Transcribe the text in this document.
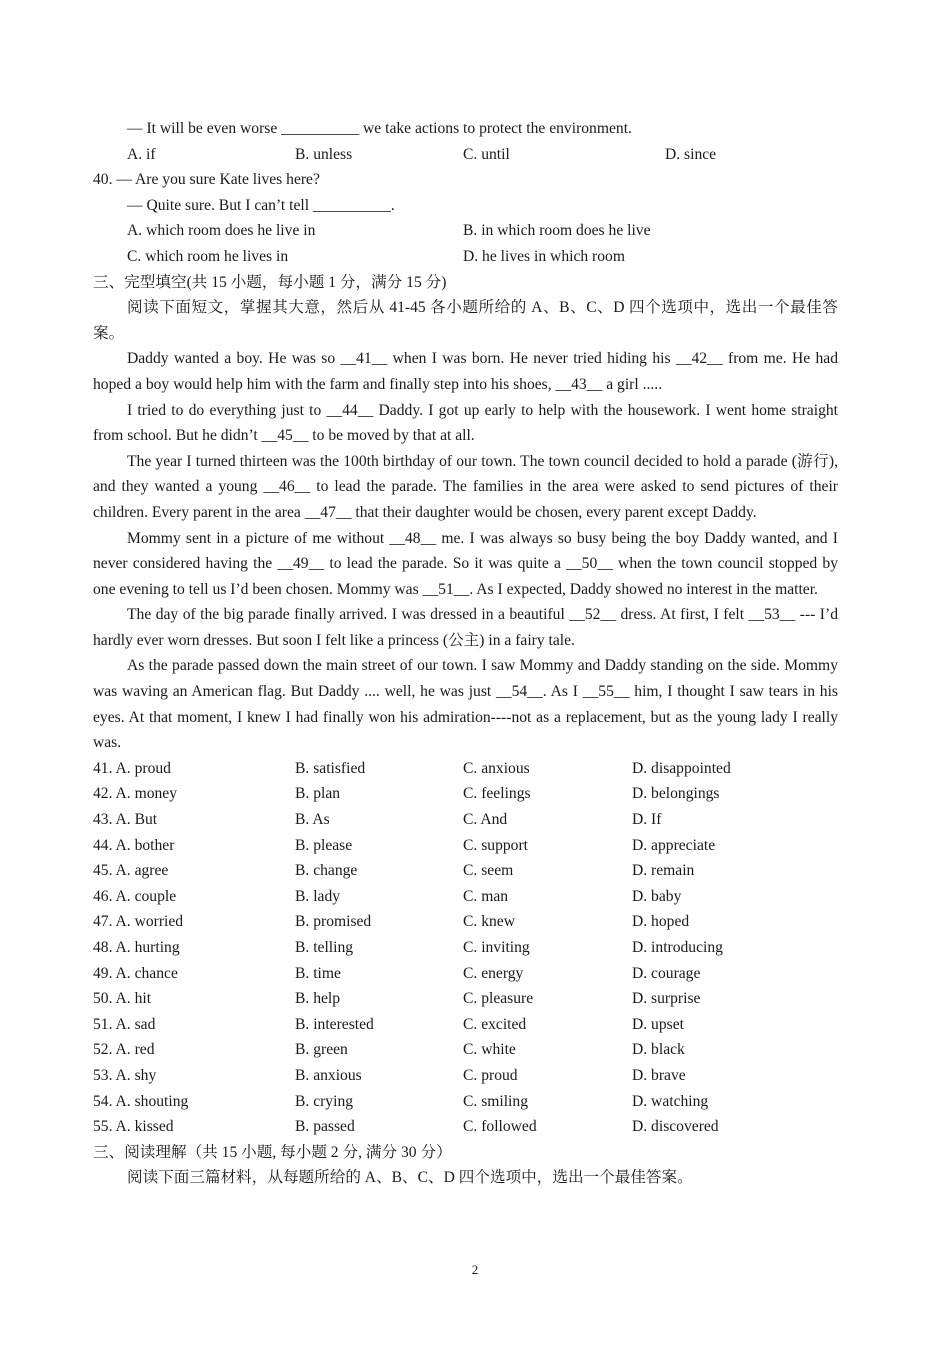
— It will be even worse __________ we take actions to protect the environment.
A. if	B. unless	C. until	D. since
40. — Are you sure Kate lives here?
— Quite sure. But I can’t tell __________.
A. which room does he live in	B. in which room does he live
C. which room he lives in	D. he lives in which room
三、完型填空(共 15 小题，每小题 1 分，满分 15 分)
阅读下面短文，掌握其大意，然后从 41-45 各小题所给的 A、B、C、D 四个选项中，选出一个最佳答案。
Daddy wanted a boy. He was so __41__ when I was born. He never tried hiding his __42__ from me. He had hoped a boy would help him with the farm and finally step into his shoes, __43__ a girl .....
I tried to do everything just to __44__ Daddy. I got up early to help with the housework. I went home straight from school. But he didn’t __45__ to be moved by that at all.
The year I turned thirteen was the 100th birthday of our town. The town council decided to hold a parade (游行), and they wanted a young __46__ to lead the parade. The families in the area were asked to send pictures of their children. Every parent in the area __47__ that their daughter would be chosen, every parent except Daddy.
Mommy sent in a picture of me without __48__ me. I was always so busy being the boy Daddy wanted, and I never considered having the __49__ to lead the parade. So it was quite a __50__ when the town council stopped by one evening to tell us I’d been chosen. Mommy was __51__. As I expected, Daddy showed no interest in the matter.
The day of the big parade finally arrived. I was dressed in a beautiful __52__ dress. At first, I felt __53__ --- I’d hardly ever worn dresses. But soon I felt like a princess (公主) in a fairy tale.
As the parade passed down the main street of our town. I saw Mommy and Daddy standing on the side. Mommy was waving an American flag. But Daddy .... well, he was just __54__. As I __55__ him, I thought I saw tears in his eyes. At that moment, I knew I had finally won his admiration----not as a replacement, but as the young lady I really was.
41. A. proud	B. satisfied	C. anxious	D. disappointed
42. A. money	B. plan	C. feelings	D. belongings
43. A. But	B. As	C. And	D. If
44. A. bother	B. please	C. support	D. appreciate
45. A. agree	B. change	C. seem	D. remain
46. A. couple	B. lady	C. man	D. baby
47. A. worried	B. promised	C. knew	D. hoped
48. A. hurting	B. telling	C. inviting	D. introducing
49. A. chance	B. time	C. energy	D. courage
50. A. hit	B. help	C. pleasure	D. surprise
51. A. sad	B. interested	C. excited	D. upset
52. A. red	B. green	C. white	D. black
53. A. shy	B. anxious	C. proud	D. brave
54. A. shouting	B. crying	C. smiling	D. watching
55. A. kissed	B. passed	C. followed	D. discovered
三、阅读理解（共 15 小题, 每小题 2 分, 满分 30 分）
阅读下面三篇材料，从每题所给的 A、B、C、D 四个选项中，选出一个最佳答案。
2
